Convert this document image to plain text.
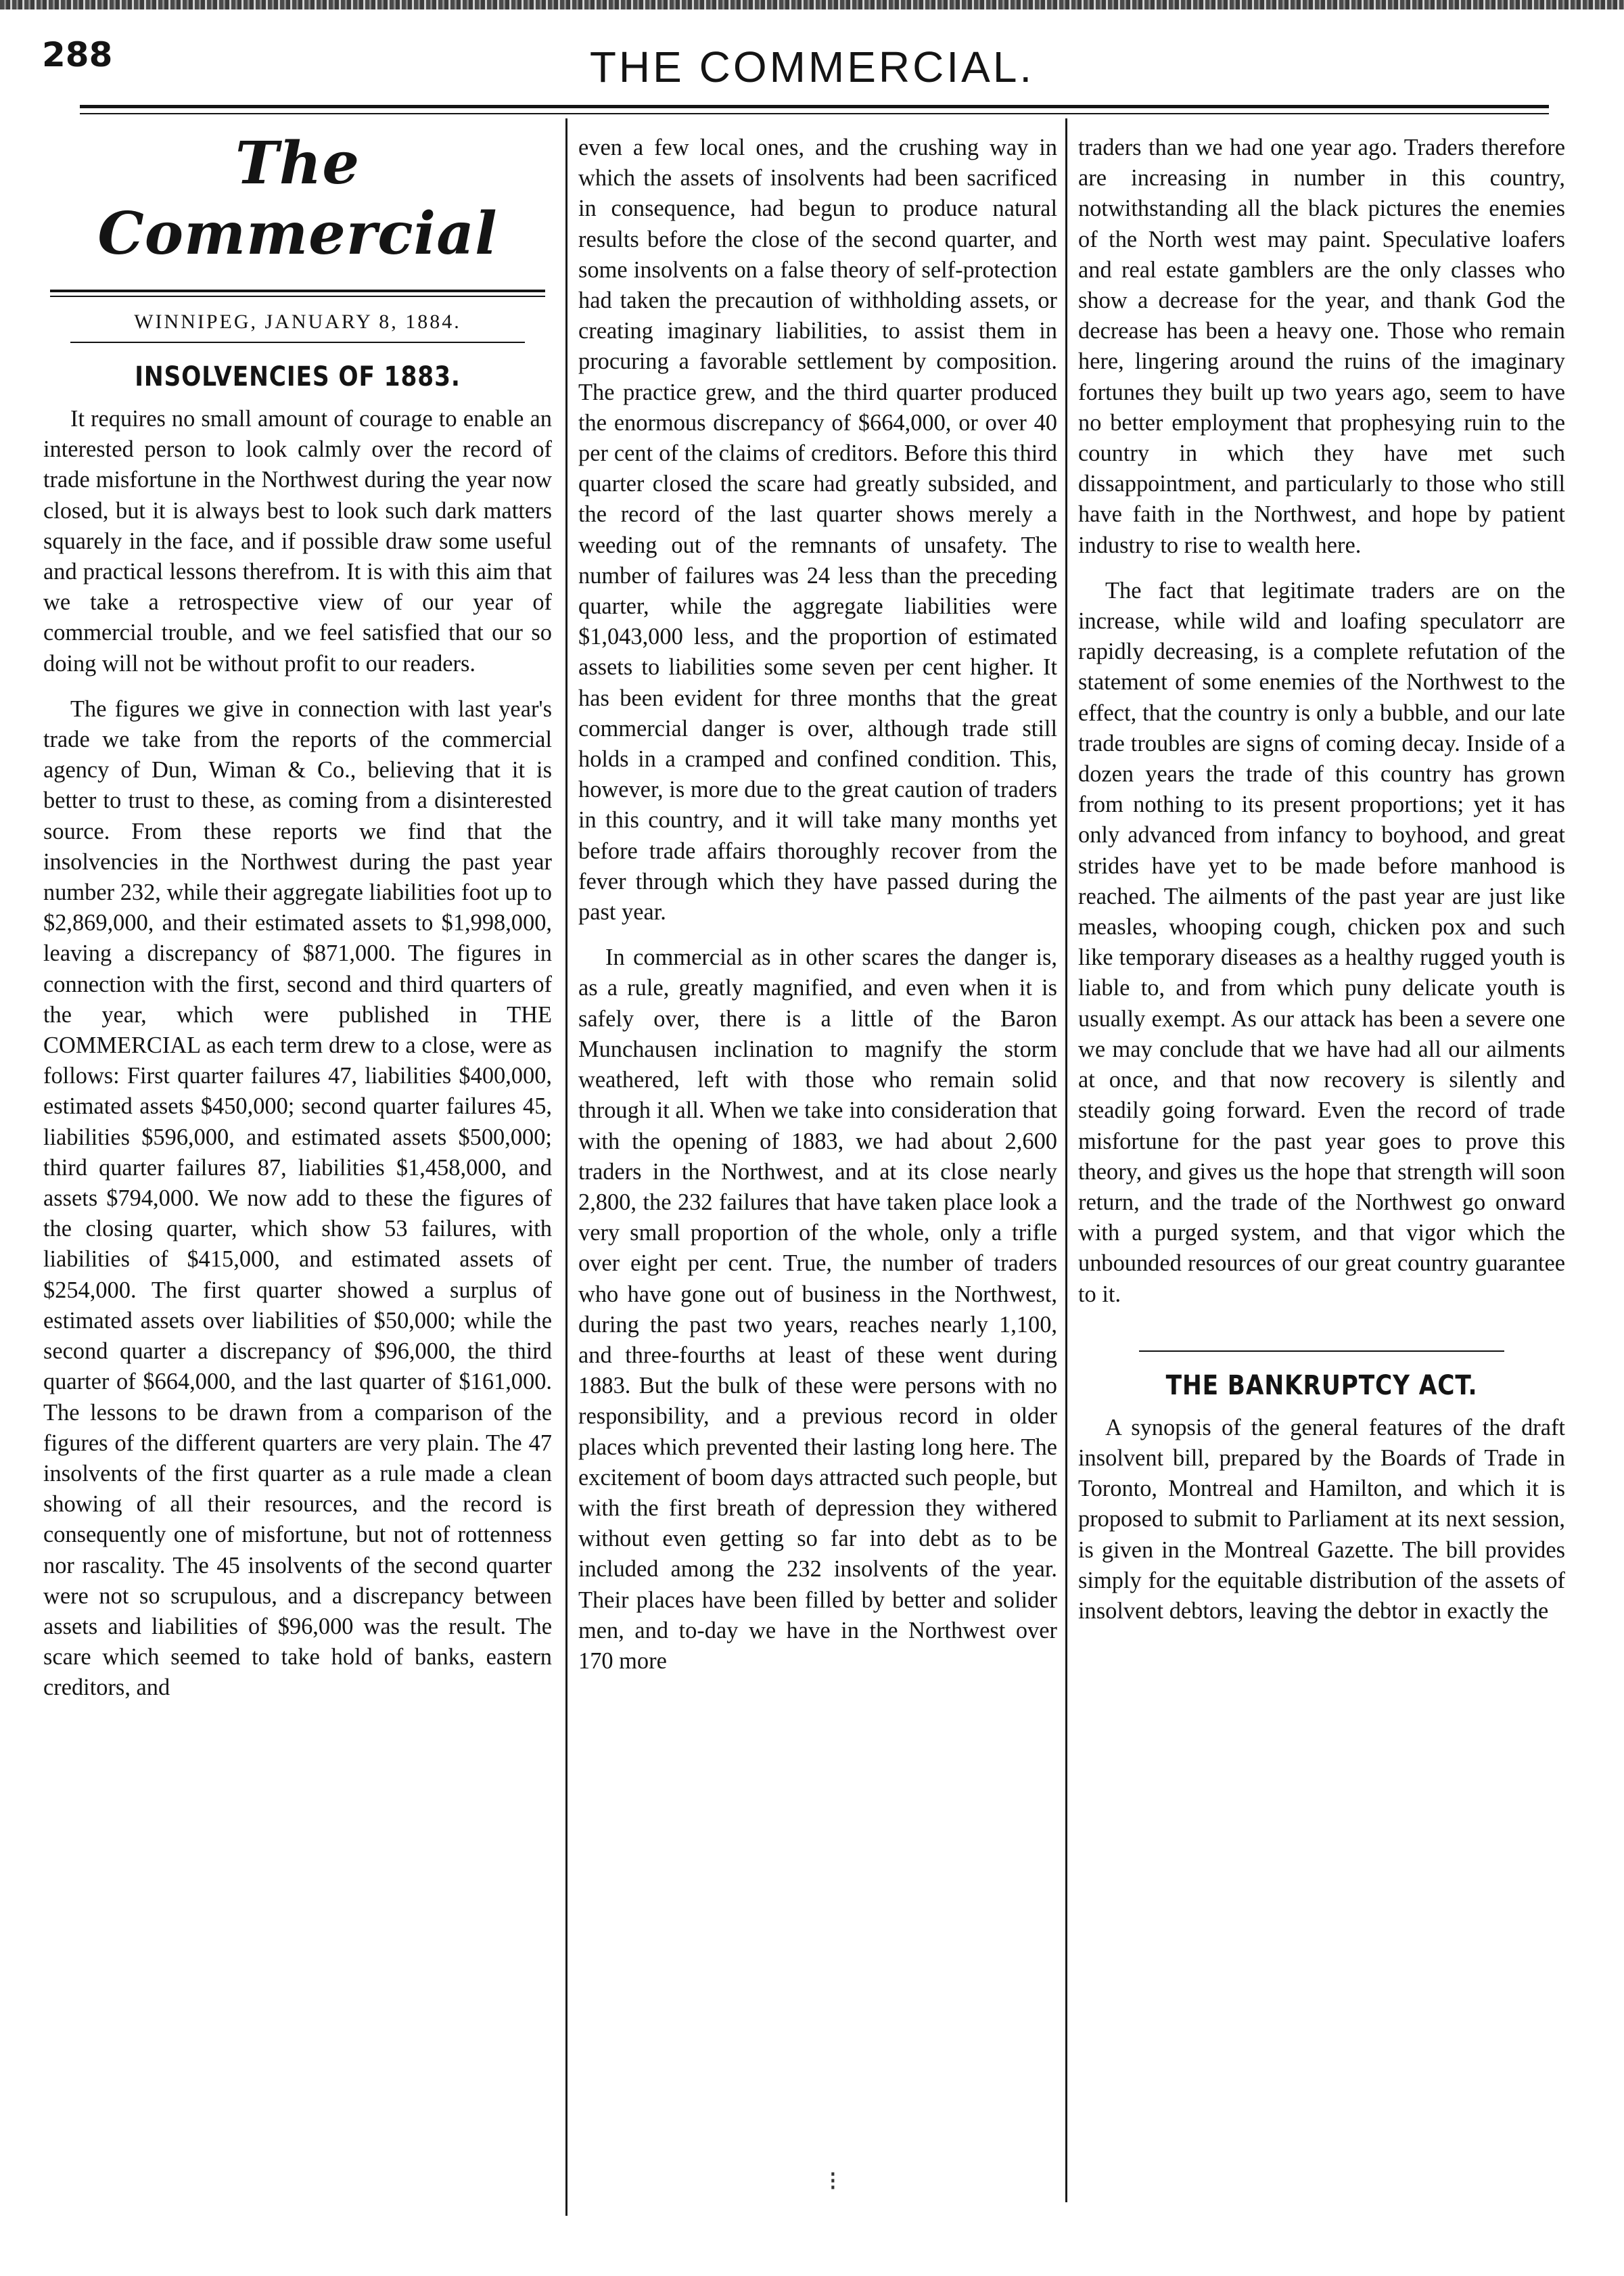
288	THE COMMERCIAL.
The Commercial
WINNIPEG, JANUARY 8, 1884.
INSOLVENCIES OF 1883.

It requires no small amount of courage to enable an interested person to look calmly over the record of trade misfortune in the Northwest during the year now closed, but it is always best to look such dark matters squarely in the face, and if possible draw some useful and practical lessons therefrom. It is with this aim that we take a retrospective view of our year of commercial trouble, and we feel satisfied that our so doing will not be without profit to our readers.

The figures we give in connection with last year's trade we take from the reports of the commercial agency of Dun, Wiman & Co., believing that it is better to trust to these, as coming from a disinterested source. From these reports we find that the insolvencies in the Northwest during the past year number 232, while their aggregate liabilities foot up to $2,869,000, and their estimated assets to $1,998,000, leaving a discrepancy of $871,000. The figures in connection with the first, second and third quarters of the year, which were published in THE COMMERCIAL as each term drew to a close, were as follows: First quarter failures 47, liabilities $400,000, estimated assets $450,000; second quarter failures 45, liabilities $596,000, and estimated assets $500,000; third quarter failures 87, liabilities $1,458,000, and assets $794,000. We now add to these the figures of the closing quarter, which show 53 failures, with liabilities of $415,000, and estimated assets of $254,000. The first quarter showed a surplus of estimated assets over liabilities of $50,000; while the second quarter a discrepancy of $96,000, the third quarter of $664,000, and the last quarter of $161,000. The lessons to be drawn from a comparison of the figures of the different quarters are very plain. The 47 insolvents of the first quarter as a rule made a clean showing of all their resources, and the record is consequently one of misfortune, but not of rottenness nor rascality. The 45 insolvents of the second quarter were not so scrupulous, and a discrepancy between assets and liabilities of $96,000 was the result. The scare which seemed to take hold of banks, eastern creditors, and

even a few local ones, and the crushing way in which the assets of insolvents had been sacrificed in consequence, had begun to produce natural results before the close of the second quarter, and some insolvents on a false theory of self-protection had taken the precaution of withholding assets, or creating imaginary liabilities, to assist them in procuring a favorable settlement by composition. The practice grew, and the third quarter produced the enormous discrepancy of $664,000, or over 40 per cent of the claims of creditors. Before this third quarter closed the scare had greatly subsided, and the record of the last quarter shows merely a weeding out of the remnants of unsafety. The number of failures was 24 less than the preceding quarter, while the aggregate liabilities were $1,043,000 less, and the proportion of estimated assets to liabilities some seven per cent higher. It has been evident for three months that the great commercial danger is over, although trade still holds in a cramped and confined condition. This, however, is more due to the great caution of traders in this country, and it will take many months yet before trade affairs thoroughly recover from the fever through which they have passed during the past year.

In commercial as in other scares the danger is, as a rule, greatly magnified, and even when it is safely over, there is a little of the Baron Munchausen inclination to magnify the storm weathered, left with those who remain solid through it all. When we take into consideration that with the opening of 1883, we had about 2,600 traders in the Northwest, and at its close nearly 2,800, the 232 failures that have taken place look a very small proportion of the whole, only a trifle over eight per cent. True, the number of traders who have gone out of business in the Northwest, during the past two years, reaches nearly 1,100, and three-fourths at least of these went during 1883. But the bulk of these were persons with no responsibility, and a previous record in older places which prevented their lasting long here. The excitement of boom days attracted such people, but with the first breath of depression they withered without even getting so far into debt as to be included among the 232 insolvents of the year. Their places have been filled by better and solider men, and to-day we have in the Northwest over 170 more

traders than we had one year ago. Traders therefore are increasing in number in this country, notwithstanding all the black pictures the enemies of the North west may paint. Speculative loafers and real estate gamblers are the only classes who show a decrease for the year, and thank God the decrease has been a heavy one. Those who remain here, lingering around the ruins of the imaginary fortunes they built up two years ago, seem to have no better employment that prophesying ruin to the country in which they have met such dissappointment, and particularly to those who still have faith in the Northwest, and hope by patient industry to rise to wealth here.

The fact that legitimate traders are on the increase, while wild and loafing speculatorr are rapidly decreasing, is a complete refutation of the statement of some enemies of the Northwest to the effect, that the country is only a bubble, and our late trade troubles are signs of coming decay. Inside of a dozen years the trade of this country has grown from nothing to its present proportions; yet it has only advanced from infancy to boyhood, and great strides have yet to be made before manhood is reached. The ailments of the past year are just like measles, whooping cough, chicken pox and such like temporary diseases as a healthy rugged youth is liable to, and from which puny delicate youth is usually exempt. As our attack has been a severe one we may conclude that we have had all our ailments at once, and that now recovery is silently and steadily going forward. Even the record of trade misfortune for the past year goes to prove this theory, and gives us the hope that strength will soon return, and the trade of the Northwest go onward with a purged system, and that vigor which the unbounded resources of our great country guarantee to it.

THE BANKRUPTCY ACT.

A synopsis of the general features of the draft insolvent bill, prepared by the Boards of Trade in Toronto, Montreal and Hamilton, and which it is proposed to submit to Parliament at its next session, is given in the Montreal Gazette. The bill provides simply for the equitable distribution of the assets of insolvent debtors, leaving the debtor in exactly the

⁝
